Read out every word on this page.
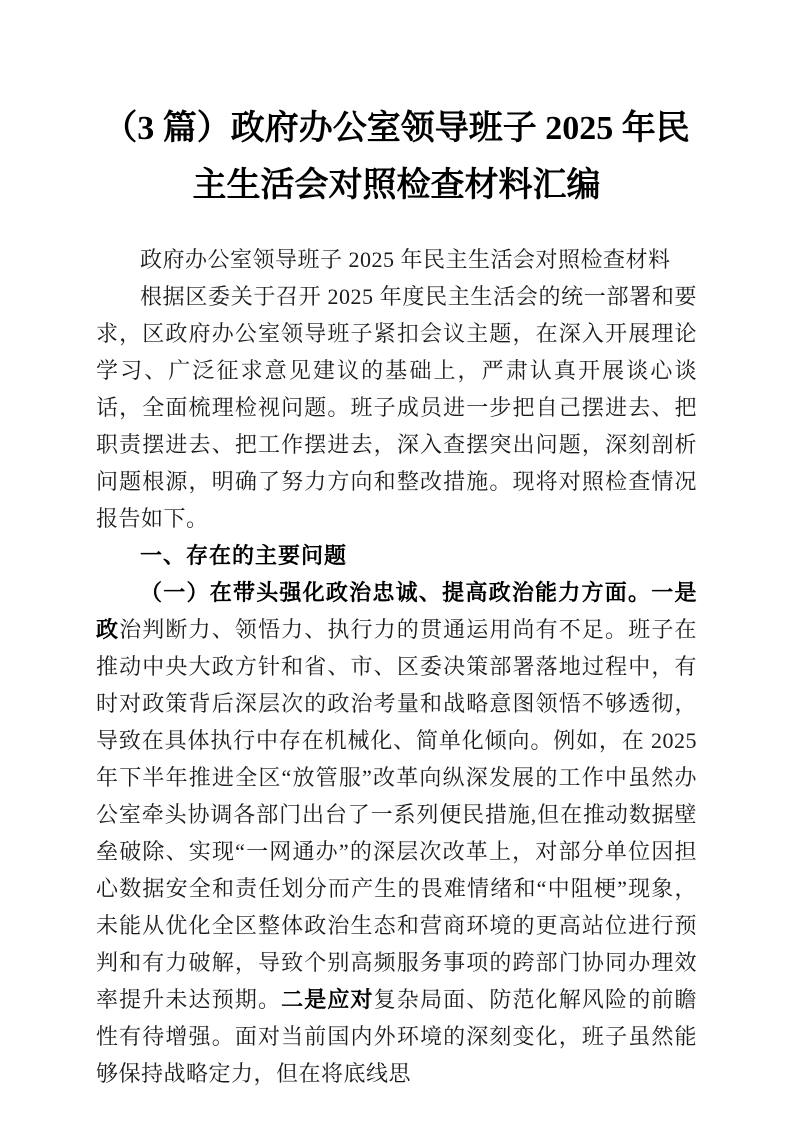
（3 篇）政府办公室领导班子 2025 年民主生活会对照检查材料汇编

政府办公室领导班子 2025 年民主生活会对照检查材料

根据区委关于召开 2025 年度民主生活会的统一部署和要求，区政府办公室领导班子紧扣会议主题，在深入开展理论学习、广泛征求意见建议的基础上，严肃认真开展谈心谈话，全面梳理检视问题。班子成员进一步把自己摆进去、把职责摆进去、把工作摆进去，深入查摆突出问题，深刻剖析问题根源，明确了努力方向和整改措施。现将对照检查情况报告如下。

一、存在的主要问题

（一）在带头强化政治忠诚、提高政治能力方面。一是政治判断力、领悟力、执行力的贯通运用尚有不足。班子在推动中央大政方针和省、市、区委决策部署落地过程中，有时对政策背后深层次的政治考量和战略意图领悟不够透彻，导致在具体执行中存在机械化、简单化倾向。例如，在 2025 年下半年推进全区“放管服”改革向纵深发展的工作中虽然办公室牵头协调各部门出台了一系列便民措施,但在推动数据壁垒破除、实现“一网通办”的深层次改革上，对部分单位因担心数据安全和责任划分而产生的畏难情绪和“中阻梗”现象，未能从优化全区整体政治生态和营商环境的更高站位进行预判和有力破解，导致个别高频服务事项的跨部门协同办理效率提升未达预期。二是应对复杂局面、防范化解风险的前瞻性有待增强。面对当前国内外环境的深刻变化，班子虽然能够保持战略定力，但在将底线思
